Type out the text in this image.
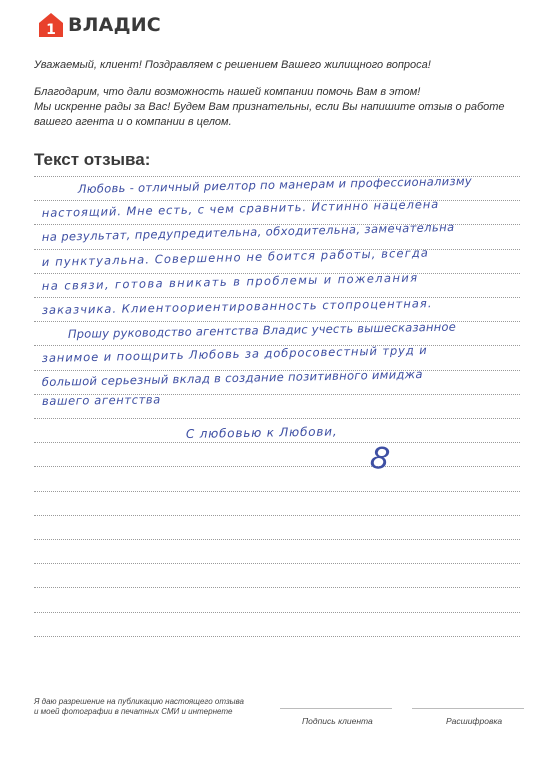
1 ВЛАДИС
Уважаемый, клиент! Поздравляем с решением Вашего жилищного вопроса!
Благодарим, что дали возможность нашей компании помочь Вам в этом!
Мы искренне рады за Вас! Будем Вам признательны, если Вы напишите отзыв о работе
вашего агента и о компании в целом.
Текст отзыва:
Любовь - отличный риелтор по манерам и профессионализму
настоящий. Мне есть, с чем сравнить. Истинно нацелена
на результат, предупредительна, обходительна, замечательна
и пунктуальна. Совершенно не боится работы, всегда
на связи, готова вникать в проблемы и пожелания
заказчика. Клиентоориентированность стопроцентная.
Прошу руководство агентства Владис учесть вышесказанное
занимое и поощрить Любовь за добросовестный труд и
большой серьезный вклад в создание позитивного имиджа
вашего агентства
С любовью к Любови,
8
Я даю разрешение на публикацию настоящего отзыва
и моей фотографии в печатных СМИ и интернете
Подпись клиента	Расшифровка
